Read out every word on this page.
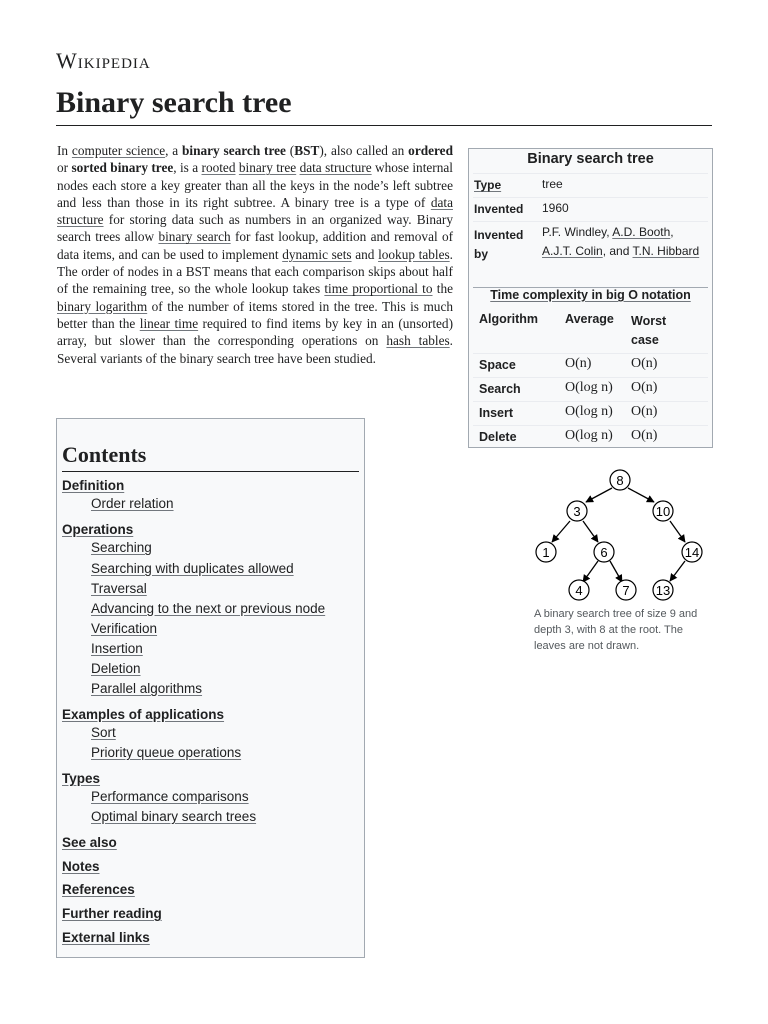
Wikipedia
Binary search tree
In computer science, a binary search tree (BST), also called an ordered or sorted binary tree, is a rooted binary tree data structure whose internal nodes each store a key greater than all the keys in the node’s left subtree and less than those in its right subtree. A binary tree is a type of data structure for storing data such as numbers in an organized way. Binary search trees allow binary search for fast lookup, addition and removal of data items, and can be used to implement dynamic sets and lookup tables. The order of nodes in a BST means that each comparison skips about half of the remaining tree, so the whole lookup takes time proportional to the binary logarithm of the number of items stored in the tree. This is much better than the linear time required to find items by key in an (unsorted) array, but slower than the corresponding operations on hash tables. Several variants of the binary search tree have been studied.
Binary search tree
Type	tree
Invented 1960
Invented by
P.F. Windley, A.D. Booth, A.J.T. Colin, and T.N. Hibbard
Time complexity in big O notation
Algorithm Average Worst case
Space	O(n)	O(n)
Search	O(log n) O(n)
Insert	O(log n) O(n)
Delete	O(log n) O(n)
8
3	10
1	6	14
4	7 13
A binary search tree of size 9 and depth 3, with 8 at the root. The leaves are not drawn.
Contents
Definition
Order relation
Operations
Searching
Searching with duplicates allowed
Traversal
Advancing to the next or previous node
Verification
Insertion
Deletion
Parallel algorithms
Examples of applications
Sort
Priority queue operations
Types
Performance comparisons
Optimal binary search trees
See also
Notes
References
Further reading
External links
